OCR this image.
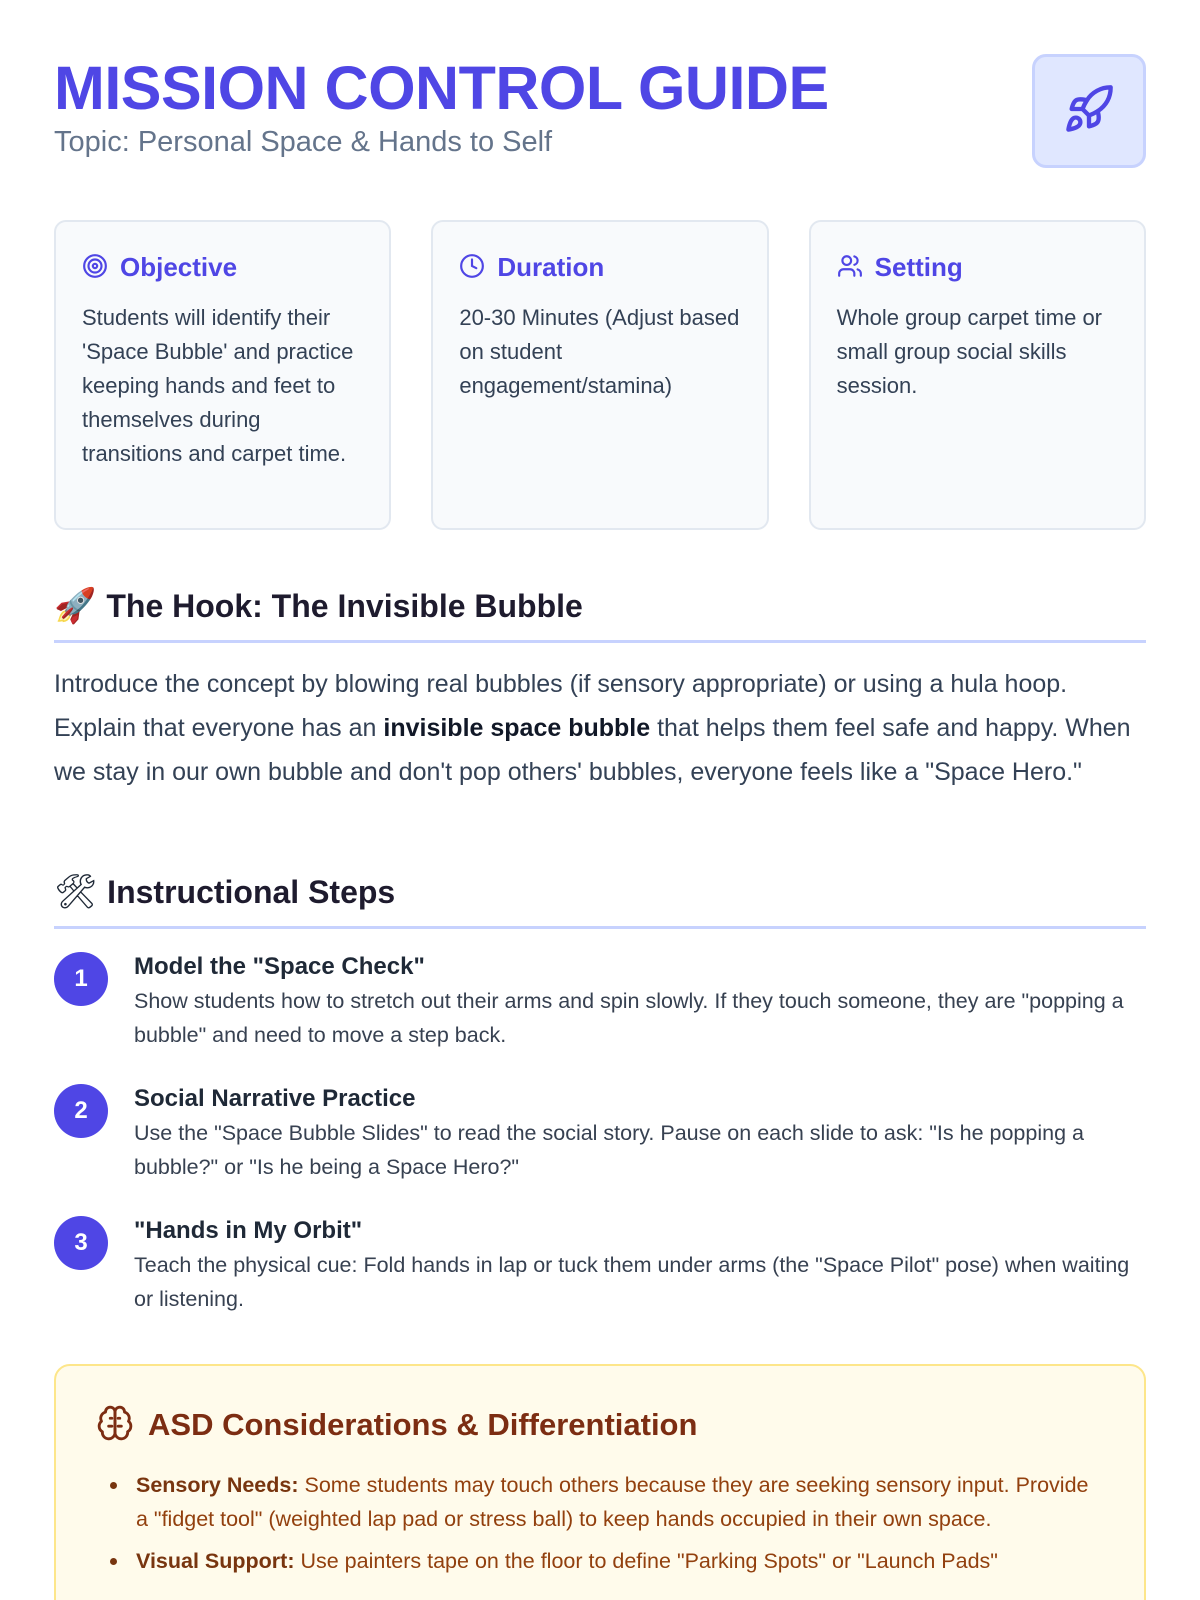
MISSION CONTROL GUIDE
Topic: Personal Space & Hands to Self
Objective
Students will identify their 'Space Bubble' and practice keeping hands and feet to themselves during transitions and carpet time.
Duration
20-30 Minutes (Adjust based on student engagement/stamina)
Setting
Whole group carpet time or small group social skills session.
🚀 The Hook: The Invisible Bubble

Introduce the concept by blowing real bubbles (if sensory appropriate) or using a hula hoop. Explain that everyone has an invisible space bubble that helps them feel safe and happy. When we stay in our own bubble and don't pop others' bubbles, everyone feels like a "Space Hero."

🛠 Instructional Steps
1	Model the "Space Check"
Show students how to stretch out their arms and spin slowly. If they touch someone, they are "popping a bubble" and need to move a step back.
2	Social Narrative Practice
Use the "Space Bubble Slides" to read the social story. Pause on each slide to ask: "Is he popping a bubble?" or "Is he being a Space Hero?"
3	"Hands in My Orbit"
Teach the physical cue: Fold hands in lap or tuck them under arms (the "Space Pilot" pose) when waiting or listening.
ASD Considerations & Differentiation
Sensory Needs: Some students may touch others because they are seeking sensory input. Provide a "fidget tool" (weighted lap pad or stress ball) to keep hands occupied in their own space.
Visual Support: Use painters tape on the floor to define "Parking Spots" or "Launch Pads"
